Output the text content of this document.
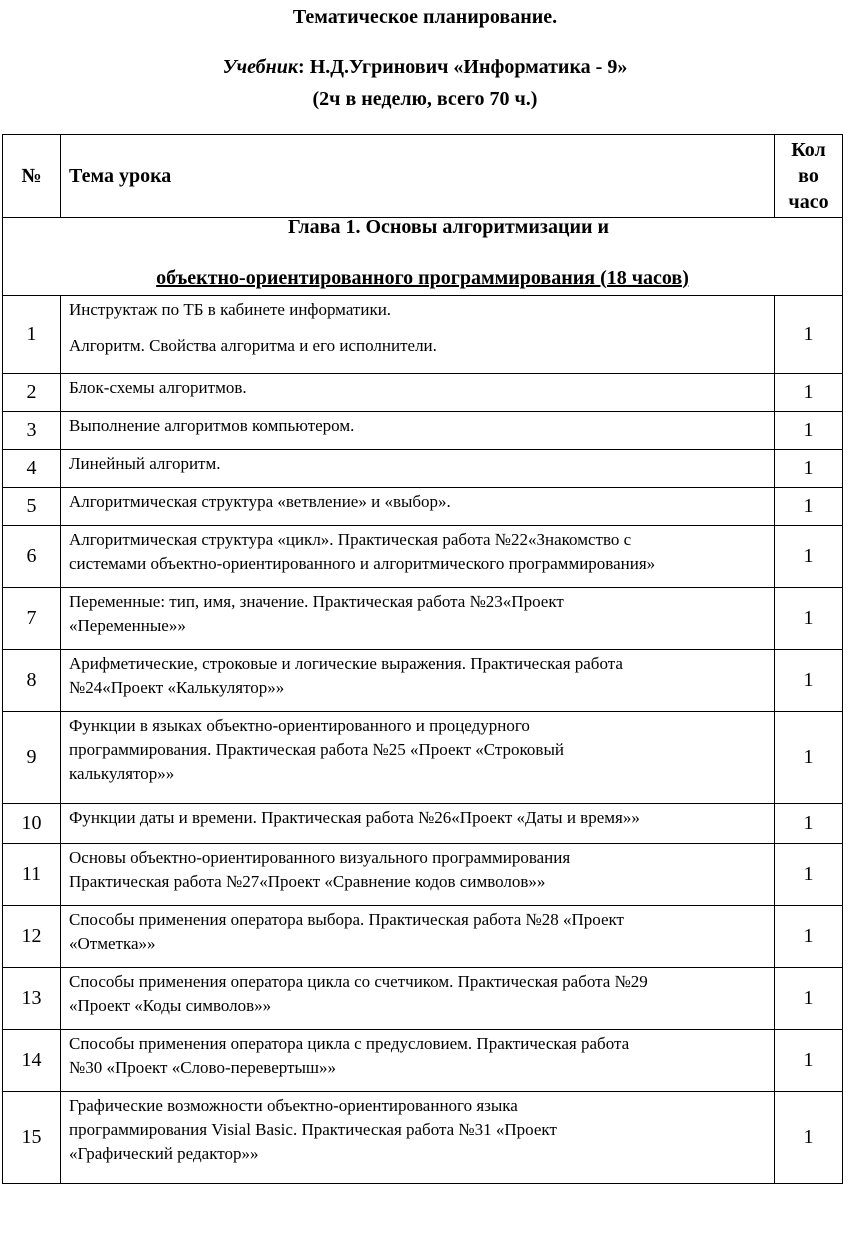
Тематическое планирование.
Учебник: Н.Д.Угринович «Информатика - 9»
(2ч в неделю, всего 70 ч.)
№	Тема урока	Кол
во
часо

Глава 1. Основы алгоритмизации и
объектно-ориентированного программирования (18 часов)		

1	Инструктаж по ТБ в кабинете информатики.
Алгоритм. Свойства алгоритма и его исполнители.	1
2	Блок-схемы алгоритмов.	1
3	Выполнение алгоритмов компьютером.	1
4	Линейный алгоритм.	1
5	Алгоритмическая структура «ветвление» и «выбор».	1
6	Алгоритмическая структура «цикл». Практическая работа №22«Знакомство с
системами объектно-ориентированного и алгоритмического программирования»	1
7	Переменные: тип, имя, значение. Практическая работа №23«Проект
«Переменные»»	1
8	Арифметические, строковые и логические выражения. Практическая работа
№24«Проект «Калькулятор»»	1
9	Функции в языках объектно-ориентированного и процедурного
программирования. Практическая работа №25 «Проект «Строковый
калькулятор»»	1
10	Функции даты и времени. Практическая работа №26«Проект «Даты и время»»	1
11	Основы объектно-ориентированного визуального программирования
Практическая работа №27«Проект «Сравнение кодов символов»»	1
12	Способы применения оператора выбора. Практическая работа №28 «Проект
«Отметка»»	1
13	Способы применения оператора цикла со счетчиком. Практическая работа №29
«Проект «Коды символов»»	1
14	Способы применения оператора цикла с предусловием. Практическая работа
№30 «Проект «Слово-перевертыш»»	1
15	Графические возможности объектно-ориентированного языка
программирования Visial Basic. Практическая работа №31 «Проект
«Графический редактор»»	1
